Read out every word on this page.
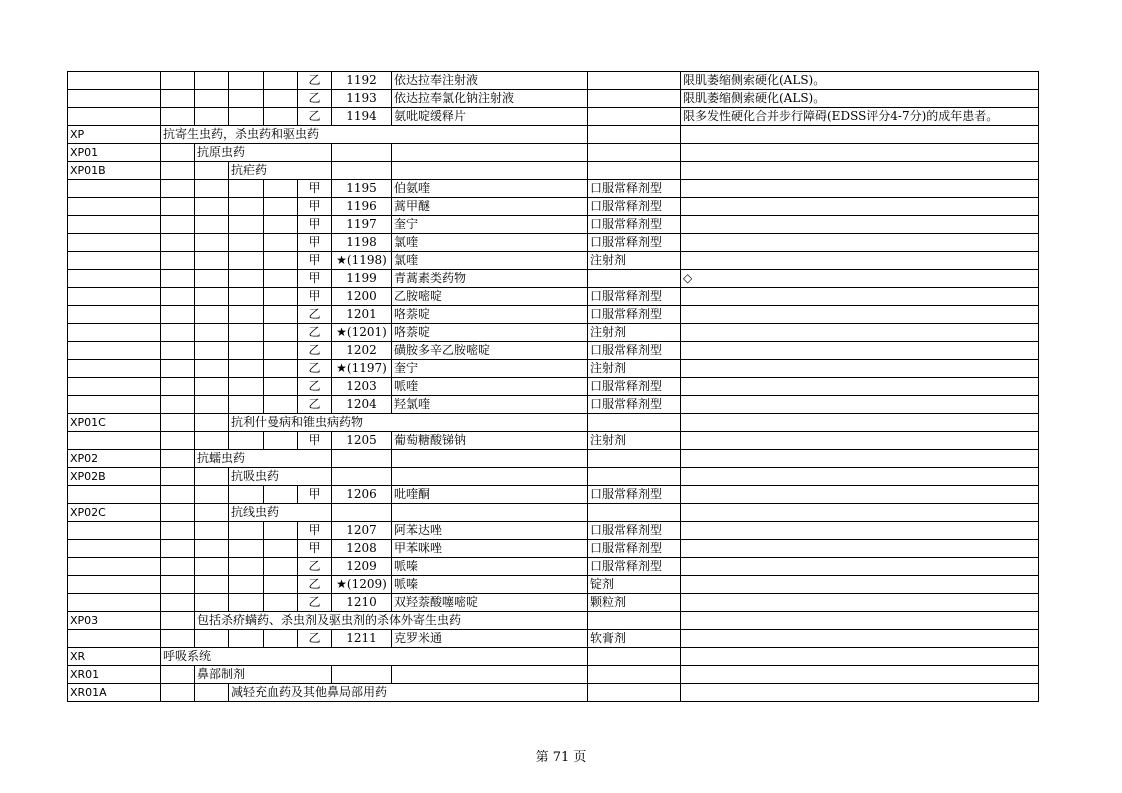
					乙	1192	依达拉奉注射液		限肌萎缩侧索硬化(ALS)。
					乙	1193	依达拉奉氯化钠注射液		限肌萎缩侧索硬化(ALS)。
					乙	1194	氨吡啶缓释片		限多发性硬化合并步行障碍(EDSS评分4-7分)的成年患者。
XP	抗寄生虫药，杀虫药和驱虫药								
XP01		抗原虫药							
XP01B			抗疟药						
					甲	1195	伯氨喹	口服常释剂型	
					甲	1196	蒿甲醚	口服常释剂型	
					甲	1197	奎宁	口服常释剂型	
					甲	1198	氯喹	口服常释剂型	
					甲	★(1198)	氯喹	注射剂	
					甲	1199	青蒿素类药物		◇
					甲	1200	乙胺嘧啶	口服常释剂型	
					乙	1201	咯萘啶	口服常释剂型	
					乙	★(1201)	咯萘啶	注射剂	
					乙	1202	磺胺多辛乙胺嘧啶	口服常释剂型	
					乙	★(1197)	奎宁	注射剂	
					乙	1203	哌喹	口服常释剂型	
					乙	1204	羟氯喹	口服常释剂型	
XP01C			抗利什曼病和锥虫病药物						
					甲	1205	葡萄糖酸锑钠	注射剂	
XP02		抗蠕虫药							
XP02B			抗吸虫药						
					甲	1206	吡喹酮	口服常释剂型	
XP02C			抗线虫药						
					甲	1207	阿苯达唑	口服常释剂型	
					甲	1208	甲苯咪唑	口服常释剂型	
					乙	1209	哌嗪	口服常释剂型	
					乙	★(1209)	哌嗪	锭剂	
					乙	1210	双羟萘酸噻嘧啶	颗粒剂	
XP03		包括杀疥螨药、杀虫剂及驱虫剂的杀体外寄生虫药							
					乙	1211	克罗米通	软膏剂	
XR	呼吸系统								
XR01		鼻部制剂							
XR01A			减轻充血药及其他鼻局部用药						
第 71 页
